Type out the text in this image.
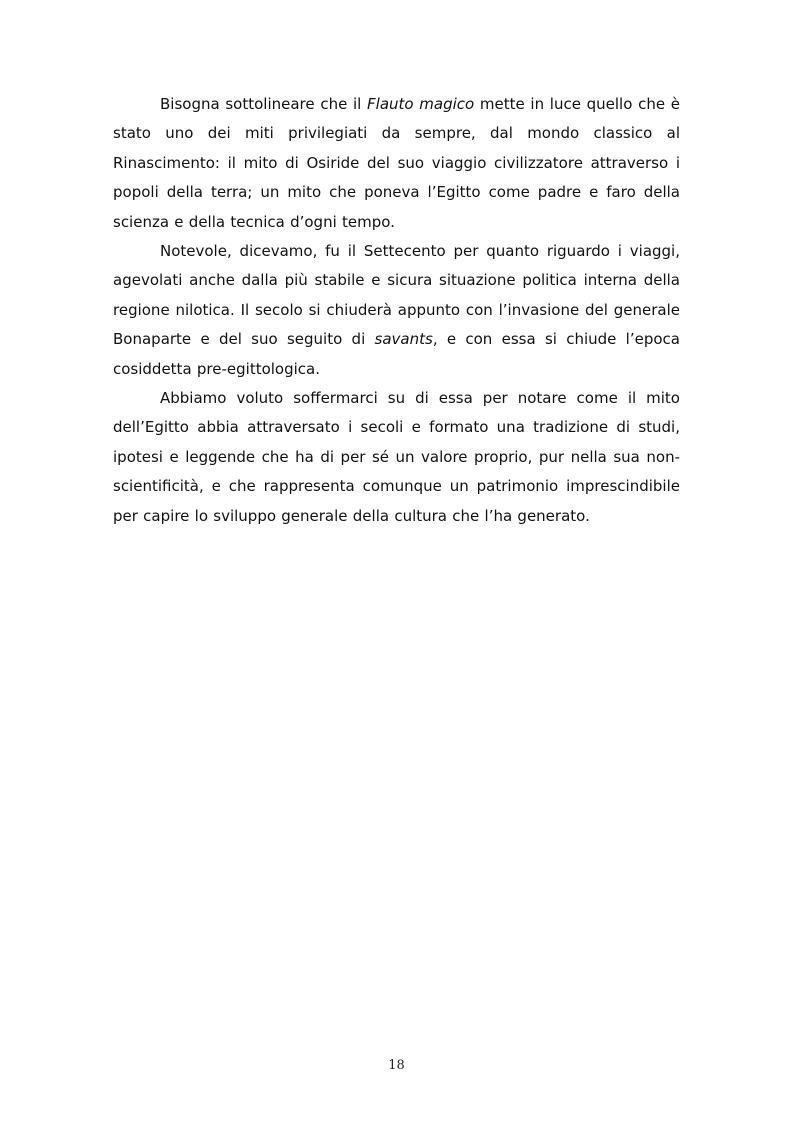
Bisogna sottolineare che il Flauto magico mette in luce quello che è stato uno dei miti privilegiati da sempre, dal mondo classico al Rinascimento: il mito di Osiride del suo viaggio civilizzatore attraverso i popoli della terra; un mito che poneva l’Egitto come padre e faro della scienza e della tecnica d’ogni tempo.

Notevole, dicevamo, fu il Settecento per quanto riguardo i viaggi, agevolati anche dalla più stabile e sicura situazione politica interna della regione nilotica. Il secolo si chiuderà appunto con l’invasione del generale Bonaparte e del suo seguito di savants, e con essa si chiude l’epoca cosiddetta pre-egittologica.

Abbiamo voluto soffermarci su di essa per notare come il mito dell’Egitto abbia attraversato i secoli e formato una tradizione di studi, ipotesi e leggende che ha di per sé un valore proprio, pur nella sua non-scientificità, e che rappresenta comunque un patrimonio imprescindibile per capire lo sviluppo generale della cultura che l’ha generato.

18
